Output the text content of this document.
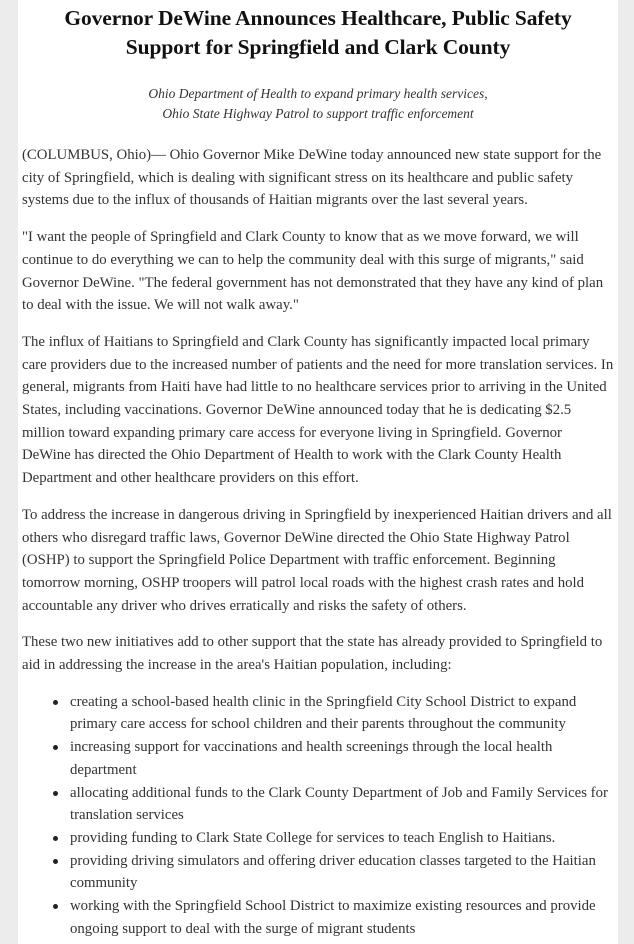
Governor DeWine Announces Healthcare, Public Safety
Support for Springfield and Clark County
Ohio Department of Health to expand primary health services,
Ohio State Highway Patrol to support traffic enforcement

(COLUMBUS, Ohio)— Ohio Governor Mike DeWine today announced new state support for the city of Springfield, which is dealing with significant stress on its healthcare and public safety systems due to the influx of thousands of Haitian migrants over the last several years.

"I want the people of Springfield and Clark County to know that as we move forward, we will continue to do everything we can to help the community deal with this surge of migrants," said Governor DeWine. "The federal government has not demonstrated that they have any kind of plan to deal with the issue. We will not walk away."

The influx of Haitians to Springfield and Clark County has significantly impacted local primary care providers due to the increased number of patients and the need for more translation services. In general, migrants from Haiti have had little to no healthcare services prior to arriving in the United States, including vaccinations. Governor DeWine announced today that he is dedicating $2.5 million toward expanding primary care access for everyone living in Springfield. Governor DeWine has directed the Ohio Department of Health to work with the Clark County Health Department and other healthcare providers on this effort.

To address the increase in dangerous driving in Springfield by inexperienced Haitian drivers and all others who disregard traffic laws, Governor DeWine directed the Ohio State Highway Patrol (OSHP) to support the Springfield Police Department with traffic enforcement. Beginning tomorrow morning, OSHP troopers will patrol local roads with the highest crash rates and hold accountable any driver who drives erratically and risks the safety of others.

These two new initiatives add to other support that the state has already provided to Springfield to aid in addressing the increase in the area's Haitian population, including:

creating a school-based health clinic in the Springfield City School District to expand primary care access for school children and their parents throughout the community
increasing support for vaccinations and health screenings through the local health department
allocating additional funds to the Clark County Department of Job and Family Services for translation services
providing funding to Clark State College for services to teach English to Haitians.
providing driving simulators and offering driver education classes targeted to the Haitian community
working with the Springfield School District to maximize existing resources and provide ongoing support to deal with the surge of migrant students
